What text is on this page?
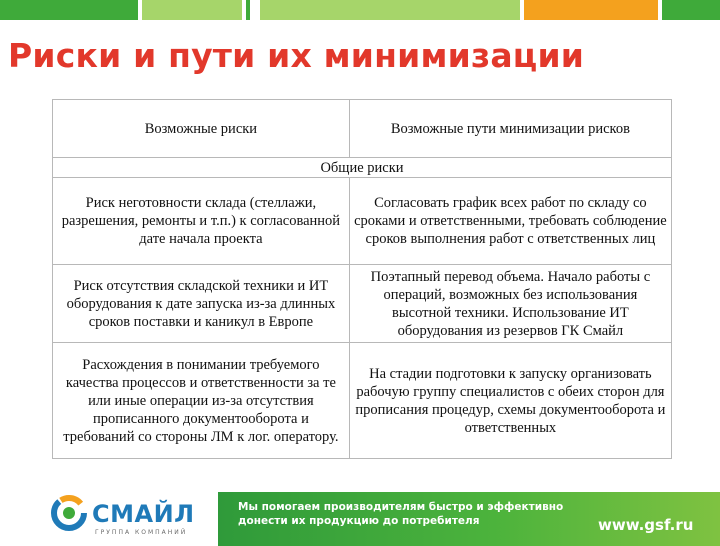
Риски и пути их минимизации
Возможные риски	Возможные пути минимизации рисков
Общие риски	
Риск неготовности склада (стеллажи, разрешения, ремонты и т.п.) к согласованной дате начала проекта	Согласовать график всех работ по складу со сроками и ответственными, требовать соблюдение сроков выполнения работ с ответственных лиц
Риск отсутствия складской техники и ИТ оборудования к дате запуска из-за длинных сроков поставки и каникул в Европе	Поэтапный перевод объема. Начало работы с операций, возможных без использования высотной техники. Использование ИТ оборудования из резервов ГК Смайл
Расхождения в понимании требуемого качества процессов и ответственности за те или иные операции из-за отсутствия прописанного документооборота и требований со стороны ЛМ к лог. оператору.	На стадии подготовки к запуску организовать рабочую группу специалистов с обеих сторон для прописания процедур, схемы документооборота и ответственных
СМАЙЛ
ГРУППА КОМПАНИЙ
Мы помогаем производителям быстро и эффективно
донести их продукцию до потребителя	www.gsf.ru
